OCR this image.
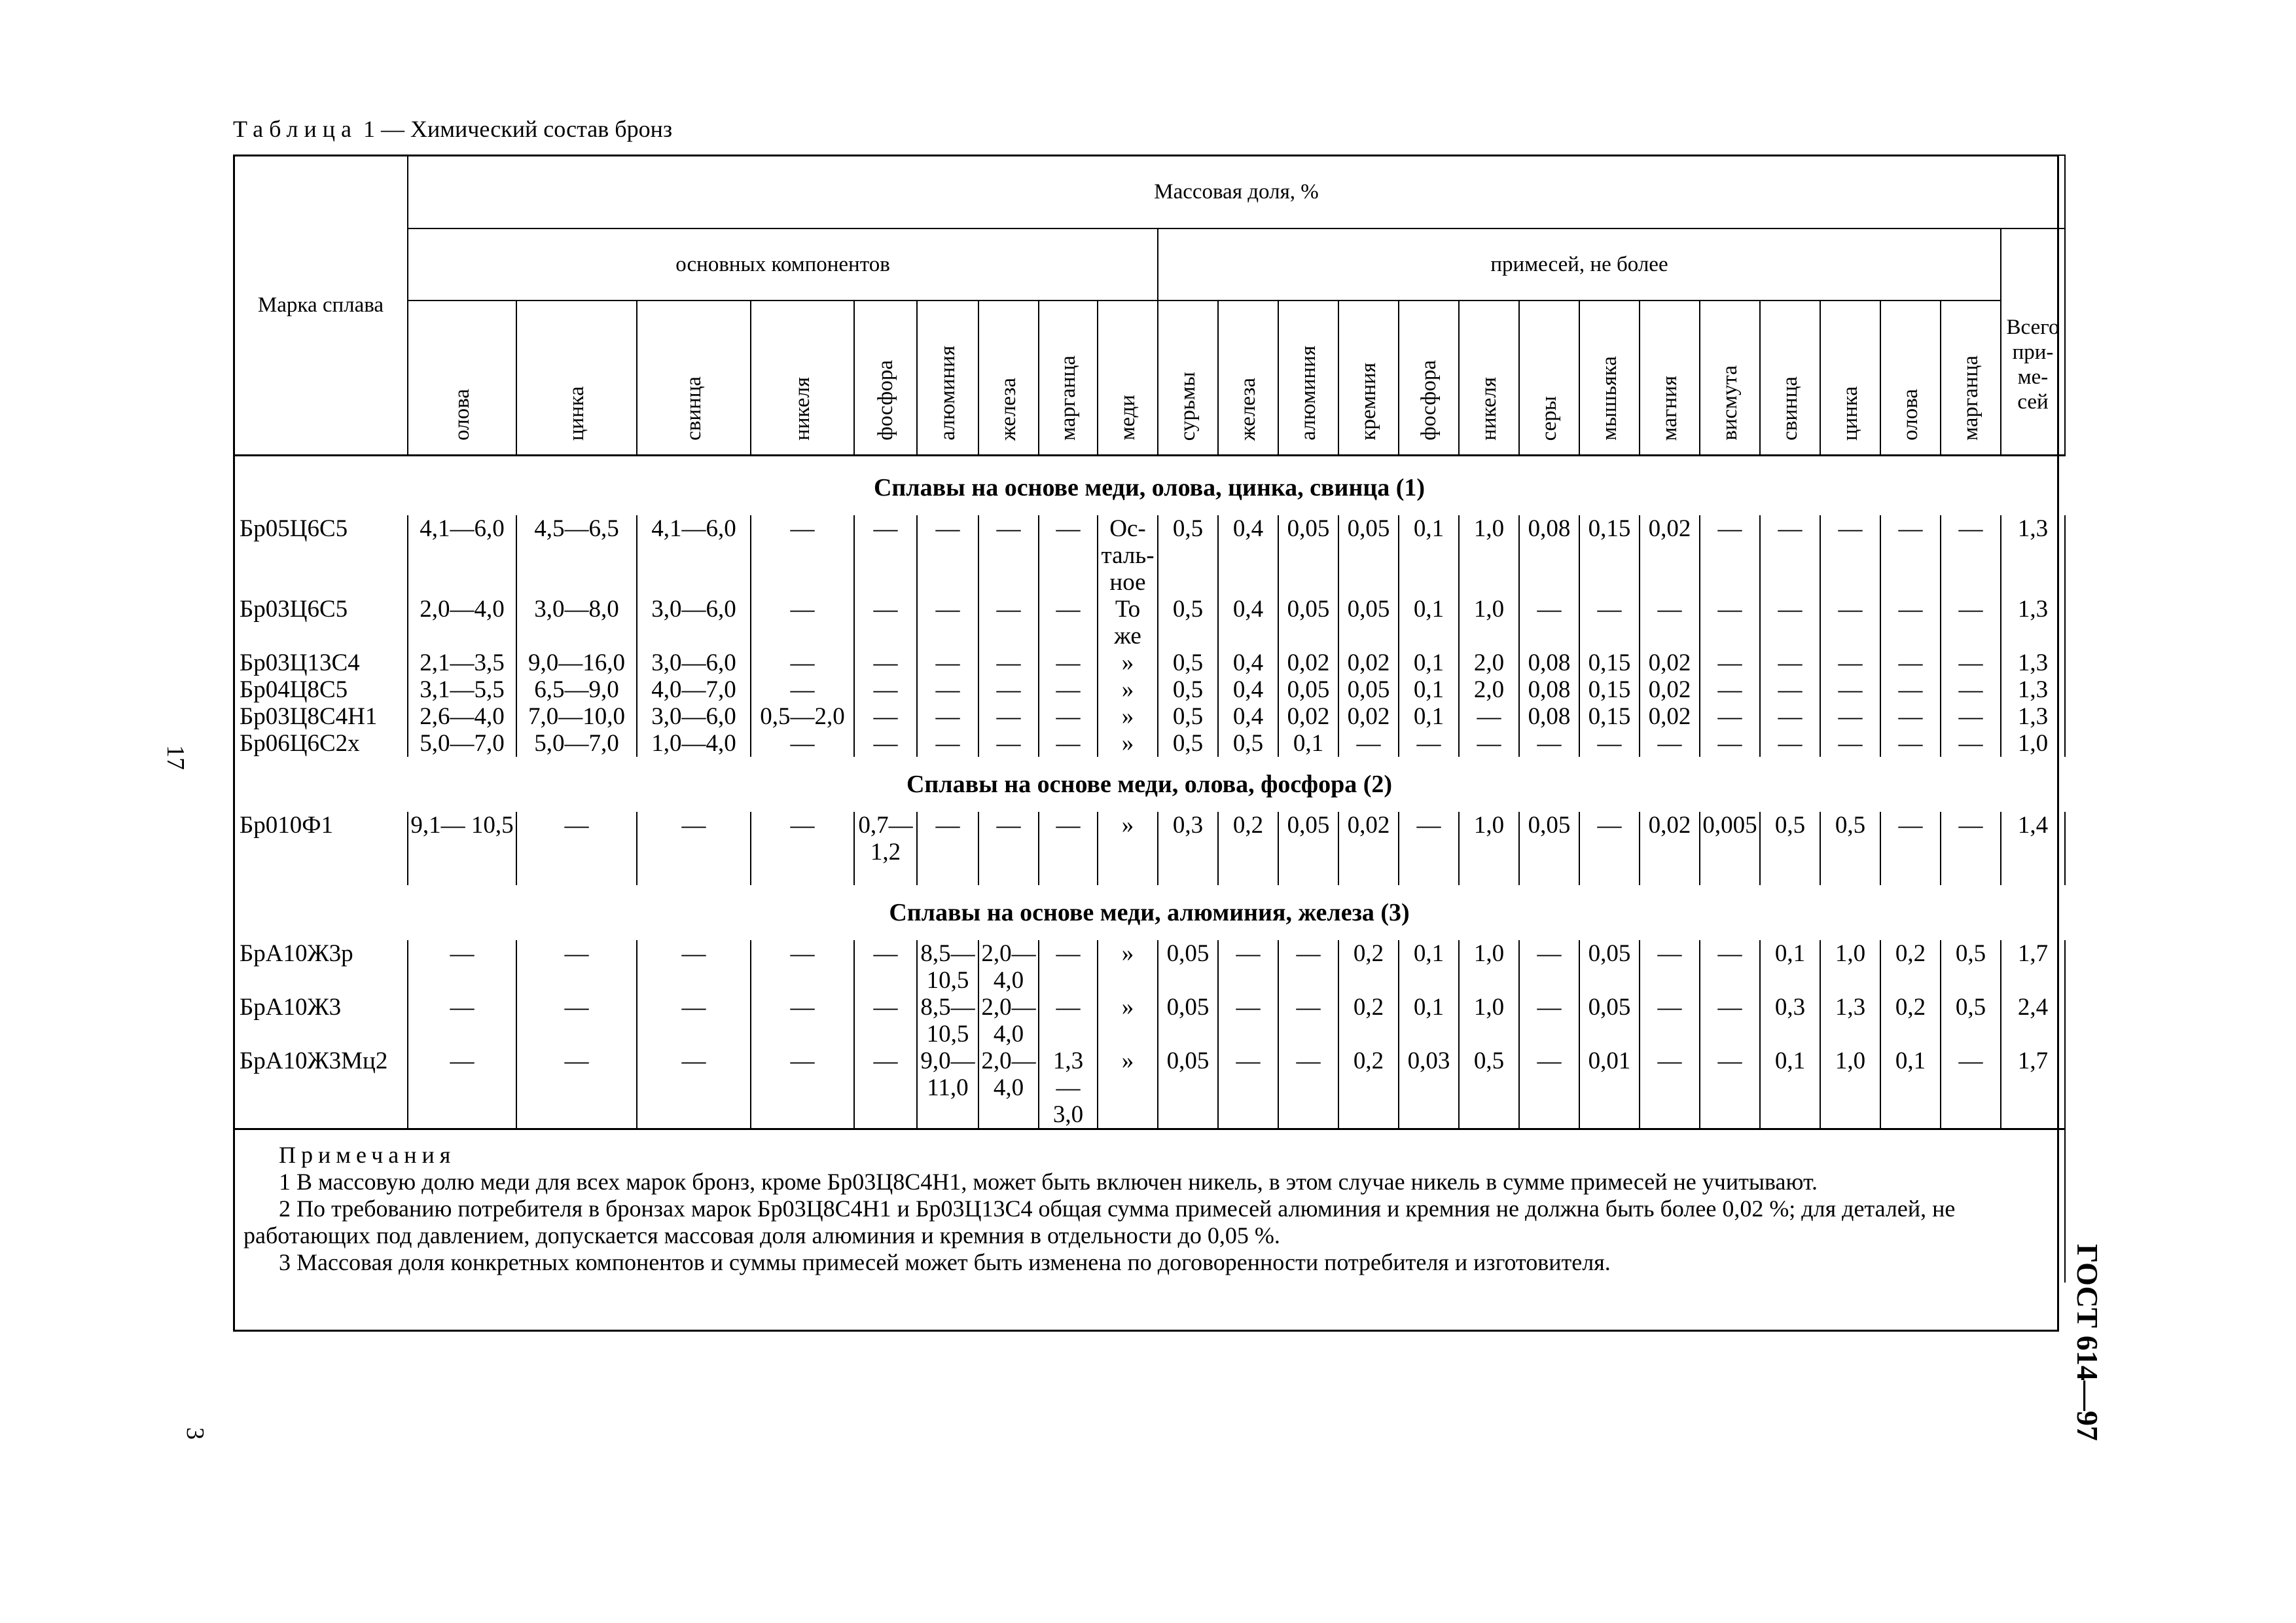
Таблица 1 — Химический состав бронз
Марка сплава	Массовая доля, %																							
	основных компонентов									примесей, не более														Всего при-ме-сей
	олова	цинка	свинца	никеля	фосфора	алюминия	железа	марганца	меди	сурьмы	железа	алюминия	кремния	фосфора	никеля	серы	мышьяка	магния	висмута	свинца	цинка	олова	марганца	

Сплавы на основе меди, олова, цинка, свинца (1)																								
Бр05Ц6С5	4,1—6,0	4,5—6,5	4,1—6,0	—	—	—	—	—	Ос-таль-ное	0,5	0,4	0,05	0,05	0,1	1,0	0,08	0,15	0,02	—	—	—	—	—	1,3
Бр03Ц6С5	2,0—4,0	3,0—8,0	3,0—6,0	—	—	—	—	—	То же	0,5	0,4	0,05	0,05	0,1	1,0	—	—	—	—	—	—	—	—	1,3
Бр03Ц13С4	2,1—3,5	9,0—16,0	3,0—6,0	—	—	—	—	—	»	0,5	0,4	0,02	0,02	0,1	2,0	0,08	0,15	0,02	—	—	—	—	—	1,3
Бр04Ц8С5	3,1—5,5	6,5—9,0	4,0—7,0	—	—	—	—	—	»	0,5	0,4	0,05	0,05	0,1	2,0	0,08	0,15	0,02	—	—	—	—	—	1,3
Бр03Ц8С4Н1	2,6—4,0	7,0—10,0	3,0—6,0	0,5—2,0	—	—	—	—	»	0,5	0,4	0,02	0,02	0,1	—	0,08	0,15	0,02	—	—	—	—	—	1,3
Бр06Ц6С2х	5,0—7,0	5,0—7,0	1,0—4,0	—	—	—	—	—	»	0,5	0,5	0,1	—	—	—	—	—	—	—	—	—	—	—	1,0
Сплавы на основе меди, олова, фосфора (2)																								
Бр010Ф1	9,1— 10,5	—	—	—	0,7— 1,2	—	—	—	»	0,3	0,2	0,05	0,02	—	1,0	0,05	—	0,02	0,005	0,5	0,5	—	—	1,4
Сплавы на основе меди, алюминия, железа (3)																								
БрА10Ж3р	—	—	—	—	—	8,5— 10,5	2,0— 4,0	—	»	0,05	—	—	0,2	0,1	1,0	—	0,05	—	—	0,1	1,0	0,2	0,5	1,7
БрА10Ж3	—	—	—	—	—	8,5— 10,5	2,0— 4,0	—	»	0,05	—	—	0,2	0,1	1,0	—	0,05	—	—	0,3	1,3	0,2	0,5	2,4
БрА10Ж3Мц2	—	—	—	—	—	9,0— 11,0	2,0— 4,0	1,3— 3,0	»	0,05	—	—	0,2	0,03	0,5	—	0,01	—	—	0,1	1,0	0,1	—	1,7

Примечания
1 В массовую долю меди для всех марок бронз, кроме Бр03Ц8С4Н1, может быть включен никель, в этом случае никель в сумме примесей не учитывают.
2 По требованию потребителя в бронзах марок Бр03Ц8С4Н1 и Бр03Ц13С4 общая сумма примесей алюминия и кремния не должна быть более 0,02 %; для деталей, не работающих под давлением, допускается массовая доля алюминия и кремния в отдельности до 0,05 %.
3 Массовая доля конкретных компонентов и суммы примесей может быть изменена по договоренности потребителя и изготовителя.																								
17
3	ГОСТ 614—97
